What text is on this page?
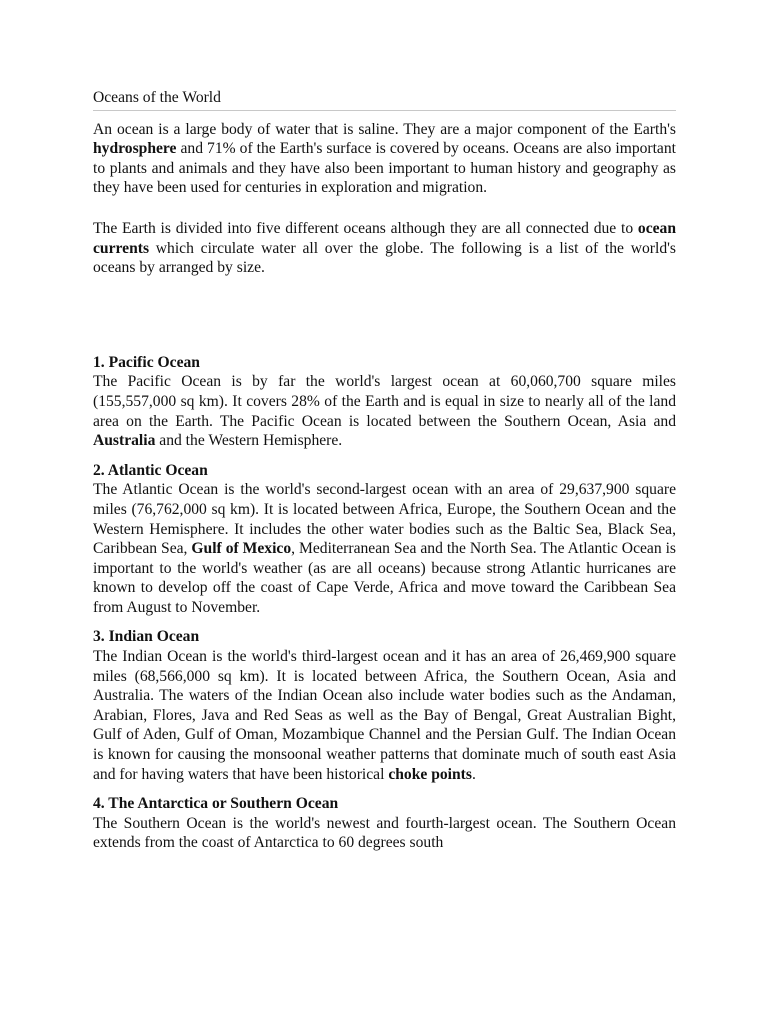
Oceans of the World

An ocean is a large body of water that is saline. They are a major component of the Earth's hydrosphere and 71% of the Earth's surface is covered by oceans. Oceans are also important to plants and animals and they have also been important to human history and geography as they have been used for centuries in exploration and migration.

The Earth is divided into five different oceans although they are all connected due to ocean currents which circulate water all over the globe. The following is a list of the world's oceans by arranged by size.

1. Pacific Ocean

The Pacific Ocean is by far the world's largest ocean at 60,060,700 square miles (155,557,000 sq km). It covers 28% of the Earth and is equal in size to nearly all of the land area on the Earth. The Pacific Ocean is located between the Southern Ocean, Asia and Australia and the Western Hemisphere.

2. Atlantic Ocean

The Atlantic Ocean is the world's second-largest ocean with an area of 29,637,900 square miles (76,762,000 sq km). It is located between Africa, Europe, the Southern Ocean and the Western Hemisphere. It includes the other water bodies such as the Baltic Sea, Black Sea, Caribbean Sea, Gulf of Mexico, Mediterranean Sea and the North Sea. The Atlantic Ocean is important to the world's weather (as are all oceans) because strong Atlantic hurricanes are known to develop off the coast of Cape Verde, Africa and move toward the Caribbean Sea from August to November.

3. Indian Ocean

The Indian Ocean is the world's third-largest ocean and it has an area of 26,469,900 square miles (68,566,000 sq km). It is located between Africa, the Southern Ocean, Asia and Australia. The waters of the Indian Ocean also include water bodies such as the Andaman, Arabian, Flores, Java and Red Seas as well as the Bay of Bengal, Great Australian Bight, Gulf of Aden, Gulf of Oman, Mozambique Channel and the Persian Gulf. The Indian Ocean is known for causing the monsoonal weather patterns that dominate much of south east Asia and for having waters that have been historical choke points.

4. The Antarctica or Southern Ocean

The Southern Ocean is the world's newest and fourth-largest ocean. The Southern Ocean extends from the coast of Antarctica to 60 degrees south
